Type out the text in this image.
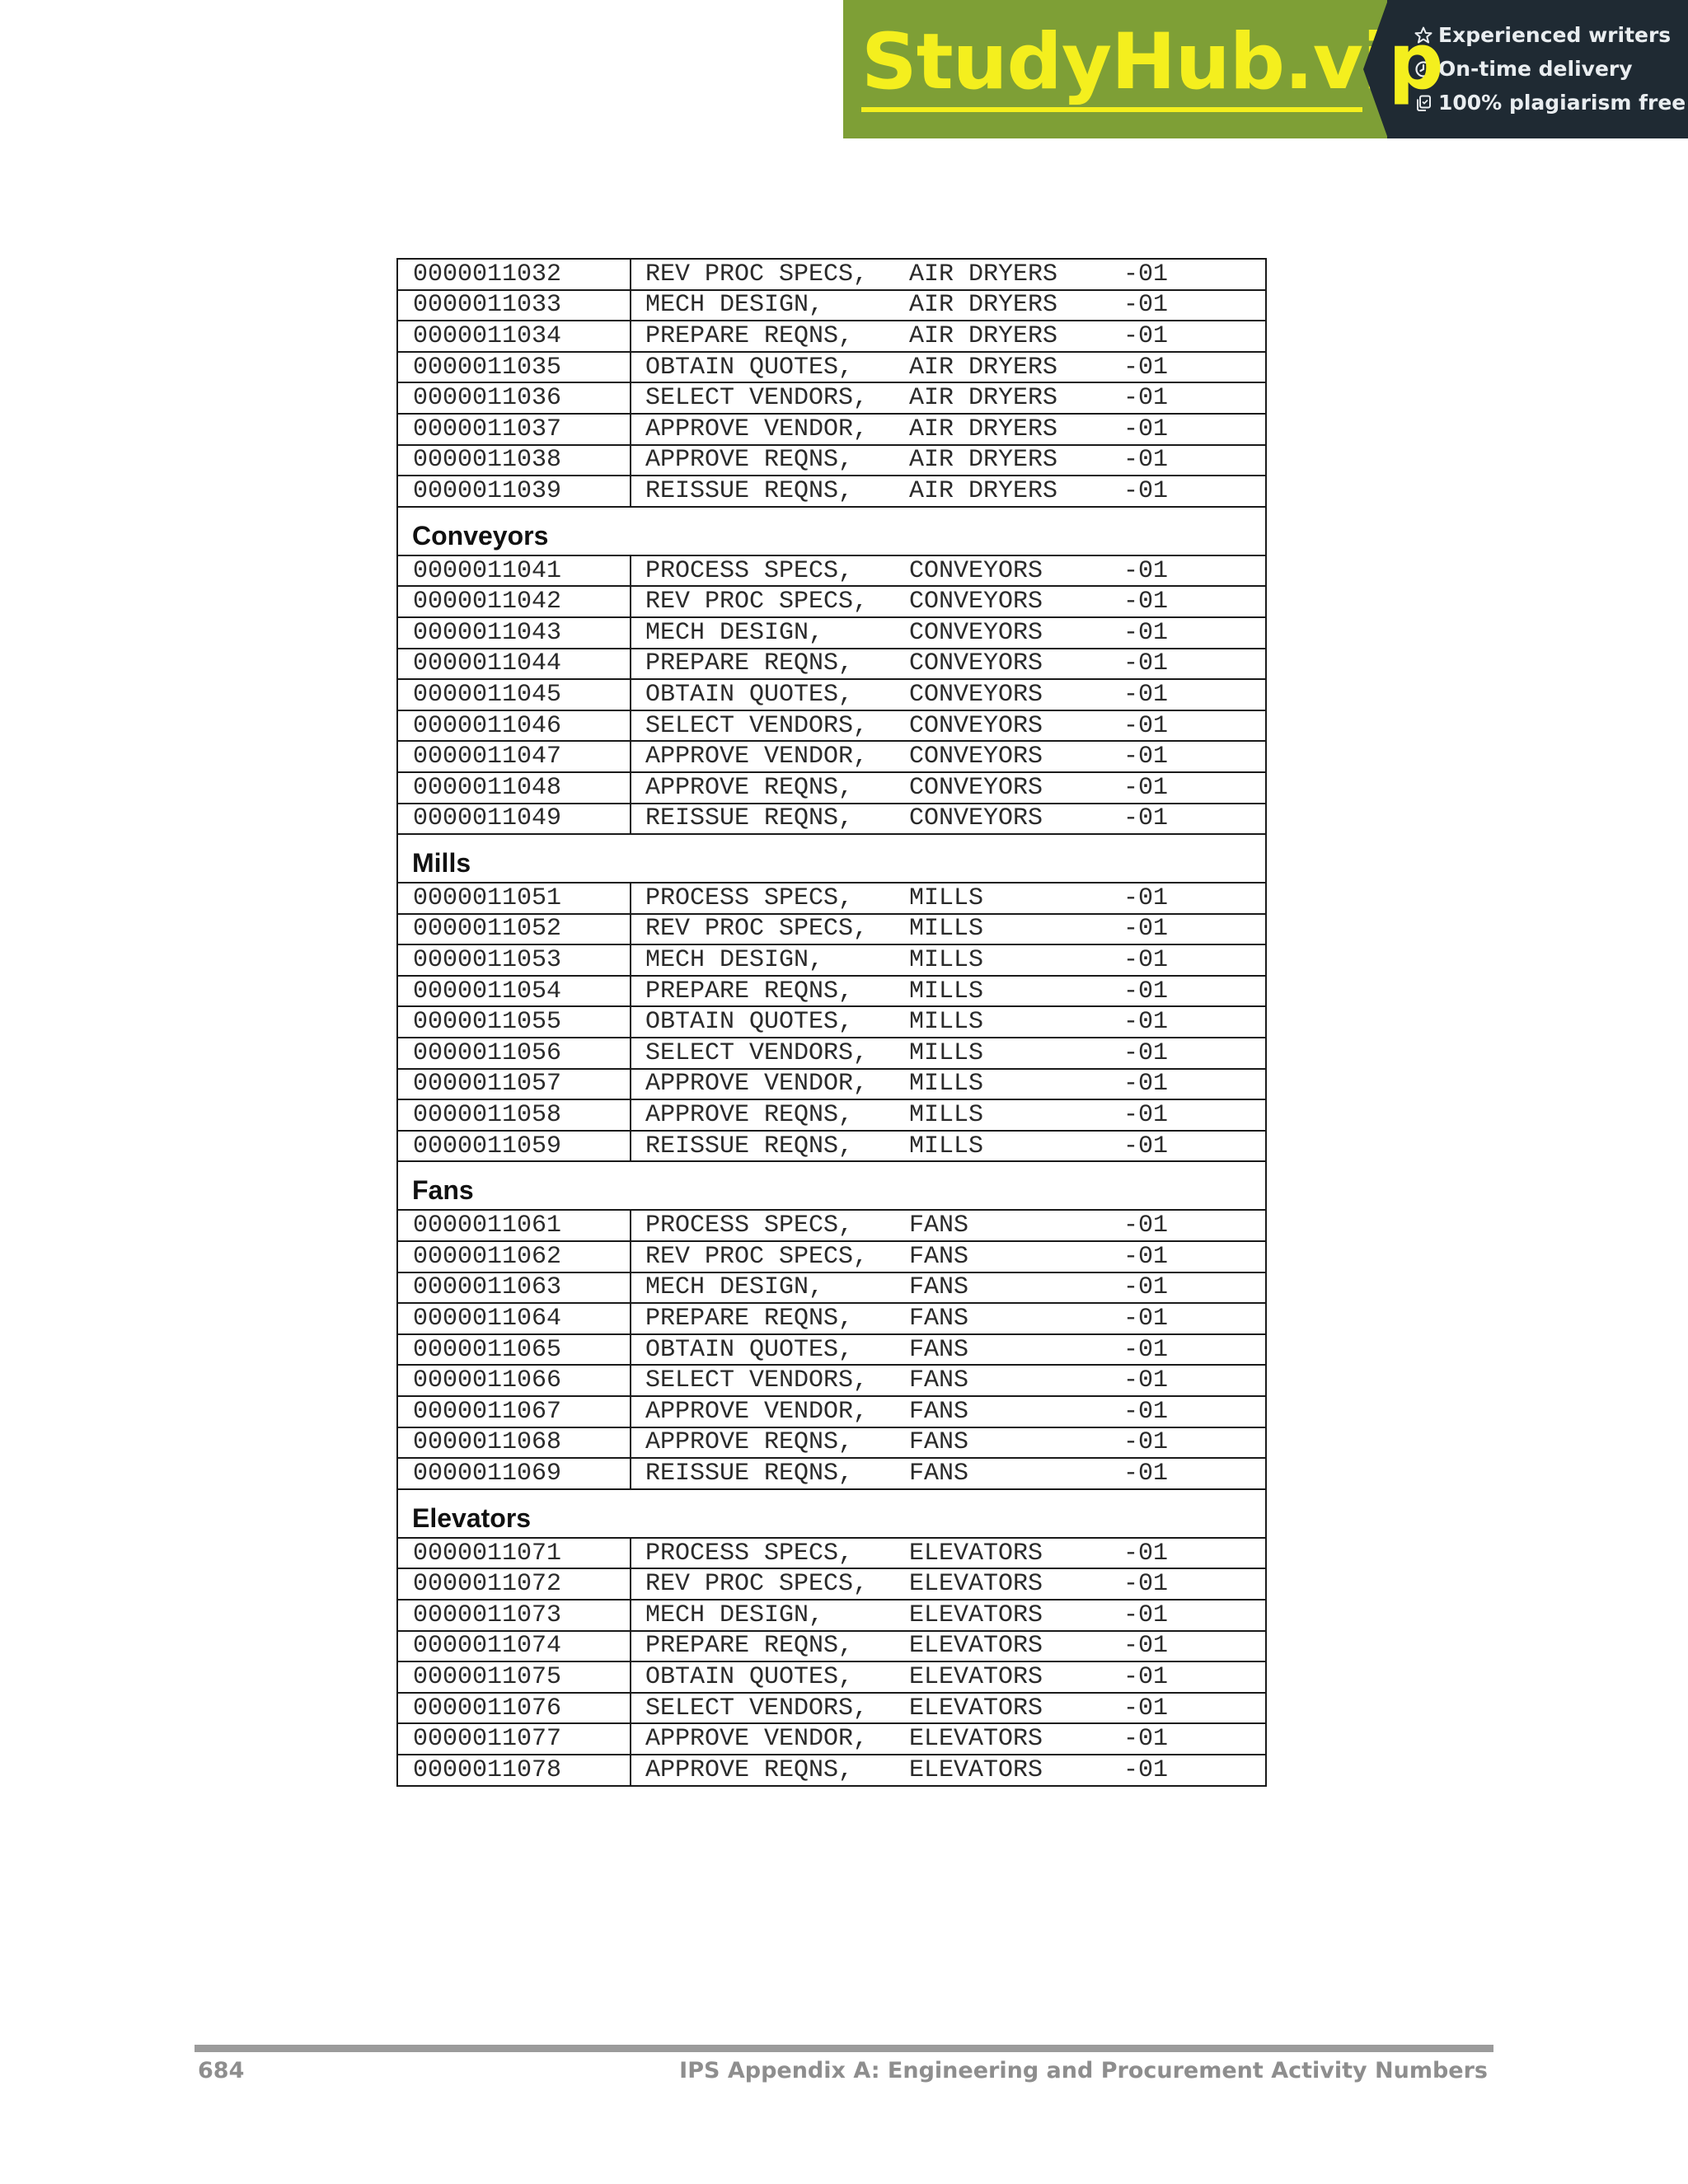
StudyHub.vip
Experienced writers
On-time delivery
100% plagiarism free
0000011032	REV PROC SPECS, AIR DRYERS -01
0000011033	MECH DESIGN, AIR DRYERS -01
0000011034	PREPARE REQNS, AIR DRYERS -01
0000011035	OBTAIN QUOTES, AIR DRYERS -01
0000011036	SELECT VENDORS, AIR DRYERS -01
0000011037	APPROVE VENDOR, AIR DRYERS -01
0000011038	APPROVE REQNS, AIR DRYERS -01
0000011039	REISSUE REQNS, AIR DRYERS -01
Conveyors	
0000011041	PROCESS SPECS, CONVEYORS -01
0000011042	REV PROC SPECS, CONVEYORS -01
0000011043	MECH DESIGN, CONVEYORS -01
0000011044	PREPARE REQNS, CONVEYORS -01
0000011045	OBTAIN QUOTES, CONVEYORS -01
0000011046	SELECT VENDORS, CONVEYORS -01
0000011047	APPROVE VENDOR, CONVEYORS -01
0000011048	APPROVE REQNS, CONVEYORS -01
0000011049	REISSUE REQNS, CONVEYORS -01
Mills	
0000011051	PROCESS SPECS, MILLS -01
0000011052	REV PROC SPECS, MILLS -01
0000011053	MECH DESIGN, MILLS -01
0000011054	PREPARE REQNS, MILLS -01
0000011055	OBTAIN QUOTES, MILLS -01
0000011056	SELECT VENDORS, MILLS -01
0000011057	APPROVE VENDOR, MILLS -01
0000011058	APPROVE REQNS, MILLS -01
0000011059	REISSUE REQNS, MILLS -01
Fans	
0000011061	PROCESS SPECS, FANS -01
0000011062	REV PROC SPECS, FANS -01
0000011063	MECH DESIGN, FANS -01
0000011064	PREPARE REQNS, FANS -01
0000011065	OBTAIN QUOTES, FANS -01
0000011066	SELECT VENDORS, FANS -01
0000011067	APPROVE VENDOR, FANS -01
0000011068	APPROVE REQNS, FANS -01
0000011069	REISSUE REQNS, FANS -01
Elevators	
0000011071	PROCESS SPECS, ELEVATORS -01
0000011072	REV PROC SPECS, ELEVATORS -01
0000011073	MECH DESIGN, ELEVATORS -01
0000011074	PREPARE REQNS, ELEVATORS -01
0000011075	OBTAIN QUOTES, ELEVATORS -01
0000011076	SELECT VENDORS, ELEVATORS -01
0000011077	APPROVE VENDOR, ELEVATORS -01
0000011078	APPROVE REQNS, ELEVATORS -01
684	IPS Appendix A: Engineering and Procurement Activity Numbers
